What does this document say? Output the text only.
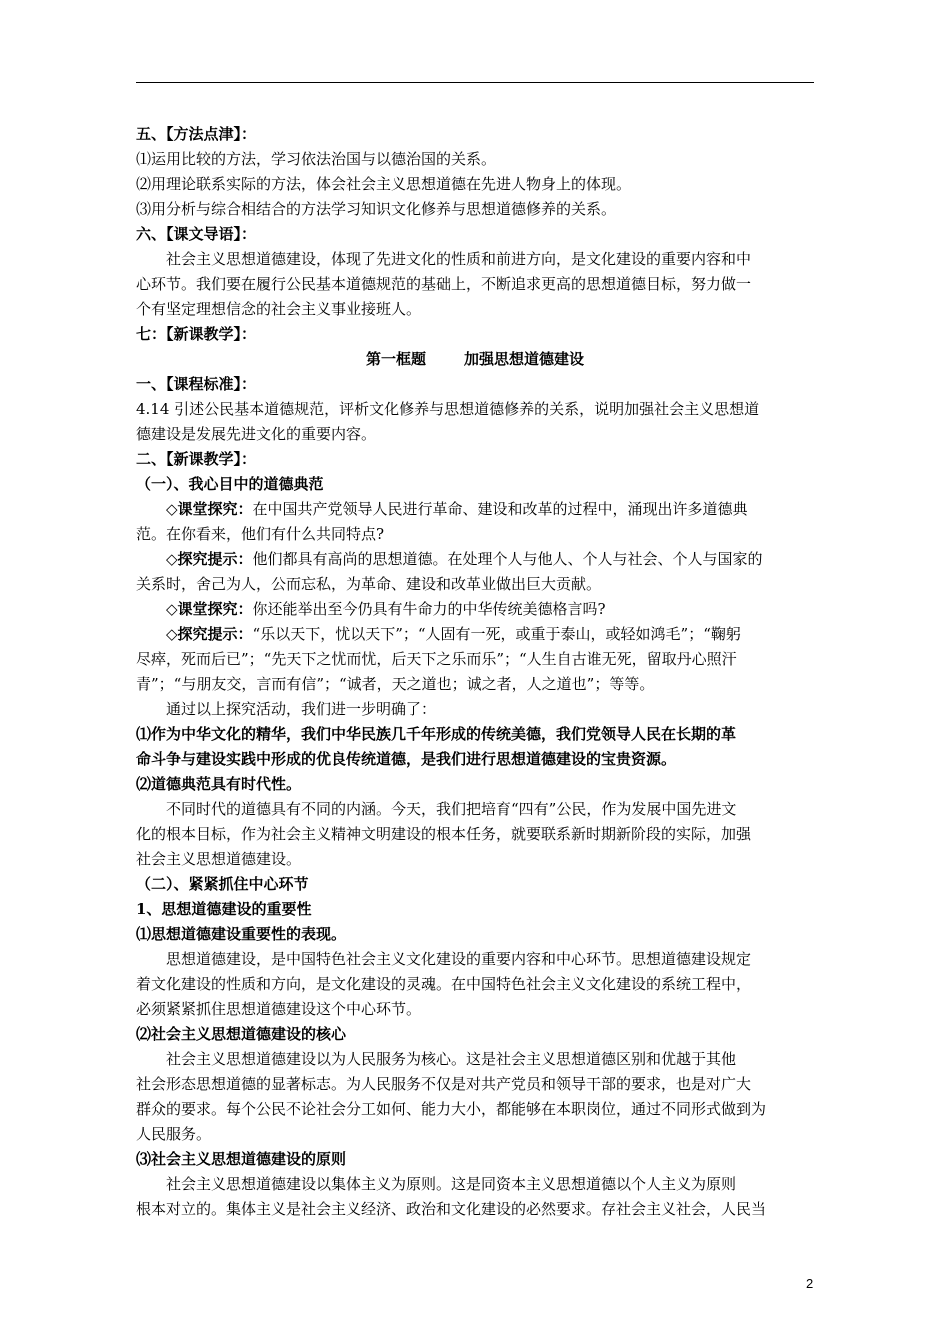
五、【方法点津】：
⑴运用比较的方法，学习依法治国与以德治国的关系。
⑵用理论联系实际的方法，体会社会主义思想道德在先进人物身上的体现。
⑶用分析与综合相结合的方法学习知识文化修养与思想道德修养的关系。
六、【课文导语】：
社会主义思想道德建设，体现了先进文化的性质和前进方向，是文化建设的重要内容和中
心环节。我们要在履行公民基本道德规范的基础上，不断追求更高的思想道德目标，努力做一
个有坚定理想信念的社会主义事业接班人。
七：【新课教学】：
第一框题	加强思想道德建设
一、【课程标准】：
4.14 引述公民基本道德规范，评析文化修养与思想道德修养的关系，说明加强社会主义思想道
德建设是发展先进文化的重要内容。
二、【新课教学】：
（一）、我心目中的道德典范
◇课堂探究：在中国共产党领导人民进行革命、建设和改革的过程中，涌现出许多道德典
范。在你看来，他们有什么共同特点?
◇探究提示：他们都具有高尚的思想道德。在处理个人与他人、个人与社会、个人与国家的
关系时，舍己为人，公而忘私，为革命、建设和改革业做出巨大贡献。
◇课堂探究：你还能举出至今仍具有牛命力的中华传统美德格言吗?
◇探究提示：“乐以天下，忧以天下”；“人固有一死，或重于泰山，或轻如鸿毛”；“鞠躬
尽瘁，死而后已”；“先天下之忧而忧，后天下之乐而乐”；“人生自古谁无死，留取丹心照汗
青”；“与朋友交，言而有信”；“诚者，天之道也；诚之者，人之道也”；等等。
通过以上探究活动，我们进一步明确了：
⑴作为中华文化的精华，我们中华民族几千年形成的传统美德，我们党领导人民在长期的革
命斗争与建设实践中形成的优良传统道德，是我们进行思想道德建设的宝贵资源。
⑵道德典范具有时代性。
不同时代的道德具有不同的内涵。今天，我们把培育“四有”公民，作为发展中国先进文
化的根本目标，作为社会主义精神文明建设的根本任务，就要联系新时期新阶段的实际，加强
社会主义思想道德建设。
（二）、紧紧抓住中心环节
1、思想道德建设的重要性
⑴思想道德建设重要性的表现。
思想道德建设，是中国特色社会主义文化建设的重要内容和中心环节。思想道德建设规定
着文化建设的性质和方向，是文化建设的灵魂。在中国特色社会主义文化建设的系统工程中，
必须紧紧抓住思想道德建设这个中心环节。
⑵社会主义思想道德建设的核心
社会主义思想道德建设以为人民服务为核心。这是社会主义思想道德区别和优越于其他
社会形态思想道德的显著标志。为人民服务不仅是对共产党员和领导干部的要求，也是对广大
群众的要求。每个公民不论社会分工如何、能力大小，都能够在本职岗位，通过不同形式做到为
人民服务。
⑶社会主义思想道德建设的原则
社会主义思想道德建设以集体主义为原则。这是同资本主义思想道德以个人主义为原则
根本对立的。集体主义是社会主义经济、政治和文化建设的必然要求。存社会主义社会，人民当
2
